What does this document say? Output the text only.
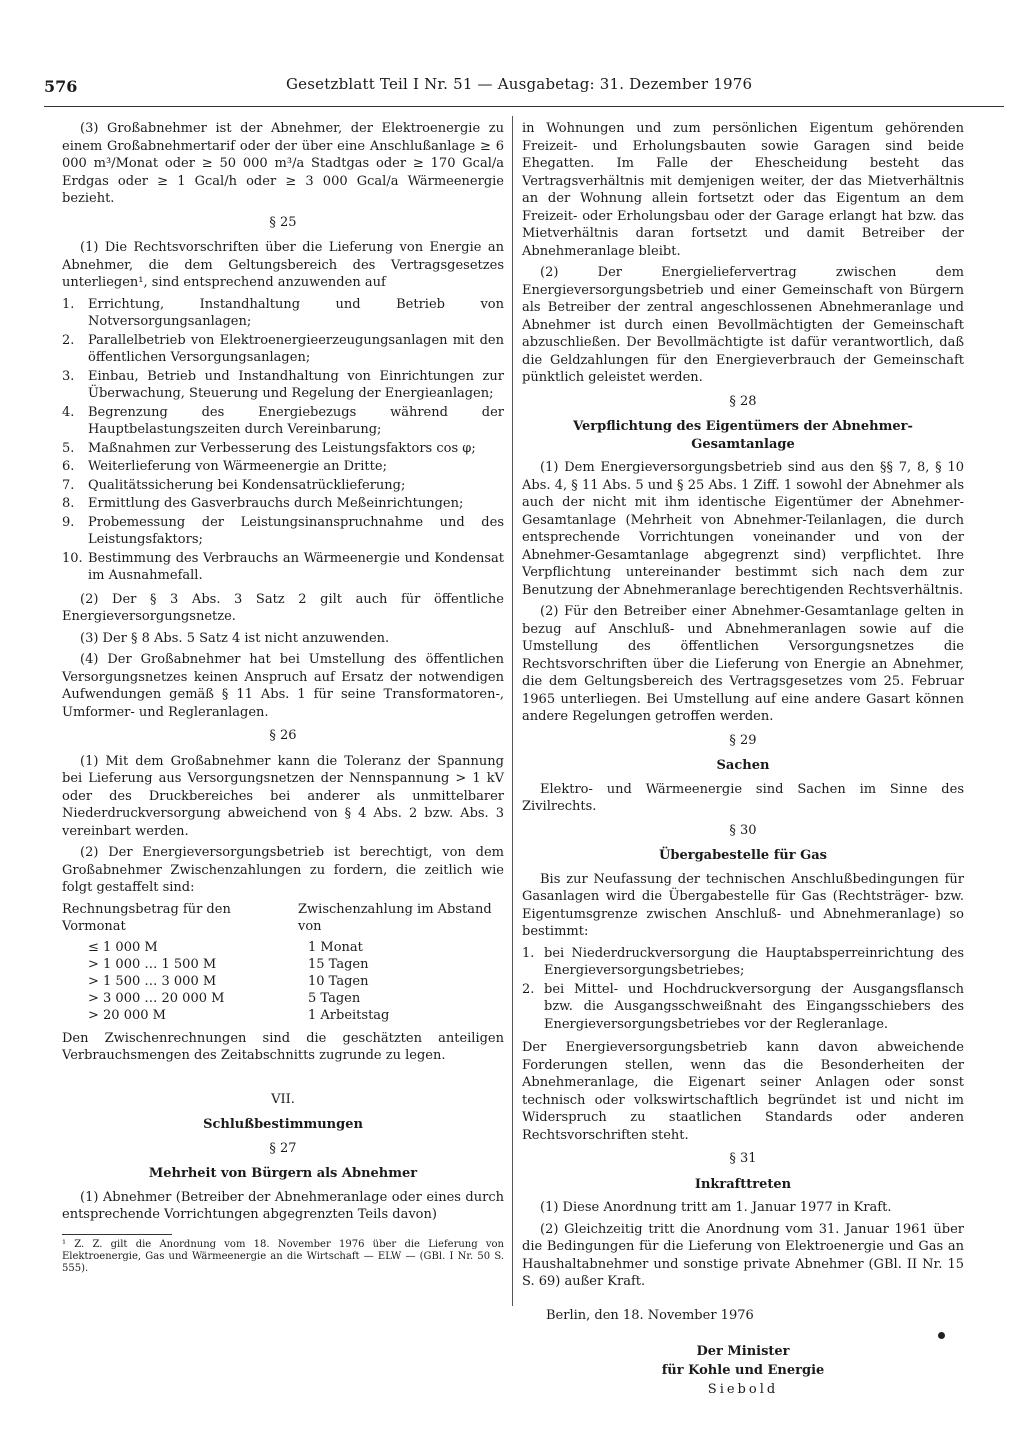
576	Gesetzblatt Teil I Nr. 51 — Ausgabetag: 31. Dezember 1976

(3) Großabnehmer ist der Abnehmer, der Elektroenergie zu einem Großabnehmertarif oder der über eine Anschlußanlage ≥ 6 000 m³/Monat oder ≥ 50 000 m³/a Stadtgas oder ≥ 170 Gcal/a Erdgas oder ≥ 1 Gcal/h oder ≥ 3 000 Gcal/a Wärmeenergie bezieht.

§ 25

(1) Die Rechtsvorschriften über die Lieferung von Energie an Abnehmer, die dem Geltungsbereich des Vertragsgesetzes unterliegen¹, sind entsprechend anzuwenden auf

1.	Errichtung, Instandhaltung und Betrieb von Notversorgungsanlagen;
2.	Parallelbetrieb von Elektroenergieerzeugungsanlagen mit den öffentlichen Versorgungsanlagen;
3.	Einbau, Betrieb und Instandhaltung von Einrichtungen zur Überwachung, Steuerung und Regelung der Energieanlagen;
4.	Begrenzung des Energiebezugs während der Hauptbelastungszeiten durch Vereinbarung;
5.	Maßnahmen zur Verbesserung des Leistungsfaktors cos φ;
6.	Weiterlieferung von Wärmeenergie an Dritte;
7.	Qualitätssicherung bei Kondensatrücklieferung;
8.	Ermittlung des Gasverbrauchs durch Meßeinrichtungen;
9.	Probemessung der Leistungsinanspruchnahme und des Leistungsfaktors;
10. Bestimmung des Verbrauchs an Wärmeenergie und Kondensat im Ausnahmefall.

(2) Der § 3 Abs. 3 Satz 2 gilt auch für öffentliche Energieversorgungsnetze.

(3) Der § 8 Abs. 5 Satz 4 ist nicht anzuwenden.

(4) Der Großabnehmer hat bei Umstellung des öffentlichen Versorgungsnetzes keinen Anspruch auf Ersatz der notwendigen Aufwendungen gemäß § 11 Abs. 1 für seine Transformatoren-, Umformer- und Regleranlagen.

§ 26

(1) Mit dem Großabnehmer kann die Toleranz der Spannung bei Lieferung aus Versorgungsnetzen der Nennspannung > 1 kV oder des Druckbereiches bei anderer als unmittelbarer Niederdruckversorgung abweichend von § 4 Abs. 2 bzw. Abs. 3 vereinbart werden.

(2) Der Energieversorgungsbetrieb ist berechtigt, von dem Großabnehmer Zwischenzahlungen zu fordern, die zeitlich wie folgt gestaffelt sind:

Rechnungsbetrag für den Vormonat	Zwischenzahlung im Abstand von
≤ 1 000 M	1 Monat
> 1 000 … 1 500 M	15 Tagen
> 1 500 … 3 000 M	10 Tagen
> 3 000 … 20 000 M	5 Tagen
> 20 000 M	1 Arbeitstag

Den Zwischenrechnungen sind die geschätzten anteiligen Verbrauchsmengen des Zeitabschnitts zugrunde zu legen.

VII.
Schlußbestimmungen
§ 27
Mehrheit von Bürgern als Abnehmer

(1) Abnehmer (Betreiber der Abnehmeranlage oder eines durch entsprechende Vorrichtungen abgegrenzten Teils davon)

¹ Z. Z. gilt die Anordnung vom 18. November 1976 über die Lieferung von Elektroenergie, Gas und Wärmeenergie an die Wirtschaft — ELW — (GBl. I Nr. 50 S. 555).

in Wohnungen und zum persönlichen Eigentum gehörenden Freizeit- und Erholungsbauten sowie Garagen sind beide Ehegatten. Im Falle der Ehescheidung besteht das Vertragsverhältnis mit demjenigen weiter, der das Mietverhältnis an der Wohnung allein fortsetzt oder das Eigentum an dem Freizeit- oder Erholungsbau oder der Garage erlangt hat bzw. das Mietverhältnis daran fortsetzt und damit Betreiber der Abnehmeranlage bleibt.

(2) Der Energieliefervertrag zwischen dem Energieversorgungsbetrieb und einer Gemeinschaft von Bürgern als Betreiber der zentral angeschlossenen Abnehmeranlage und Abnehmer ist durch einen Bevollmächtigten der Gemeinschaft abzuschließen. Der Bevollmächtigte ist dafür verantwortlich, daß die Geldzahlungen für den Energieverbrauch der Gemeinschaft pünktlich geleistet werden.

§ 28
Verpflichtung des Eigentümers der Abnehmer-Gesamtanlage

(1) Dem Energieversorgungsbetrieb sind aus den §§ 7, 8, § 10 Abs. 4, § 11 Abs. 5 und § 25 Abs. 1 Ziff. 1 sowohl der Abnehmer als auch der nicht mit ihm identische Eigentümer der Abnehmer-Gesamtanlage (Mehrheit von Abnehmer-Teilanlagen, die durch entsprechende Vorrichtungen voneinander und von der Abnehmer-Gesamtanlage abgegrenzt sind) verpflichtet. Ihre Verpflichtung untereinander bestimmt sich nach dem zur Benutzung der Abnehmeranlage berechtigenden Rechtsverhältnis.

(2) Für den Betreiber einer Abnehmer-Gesamtanlage gelten in bezug auf Anschluß- und Abnehmeranlagen sowie auf die Umstellung des öffentlichen Versorgungsnetzes die Rechtsvorschriften über die Lieferung von Energie an Abnehmer, die dem Geltungsbereich des Vertragsgesetzes vom 25. Februar 1965 unterliegen. Bei Umstellung auf eine andere Gasart können andere Regelungen getroffen werden.

§ 29
Sachen

Elektro- und Wärmeenergie sind Sachen im Sinne des Zivilrechts.

§ 30
Übergabestelle für Gas

Bis zur Neufassung der technischen Anschlußbedingungen für Gasanlagen wird die Übergabestelle für Gas (Rechtsträger- bzw. Eigentumsgrenze zwischen Anschluß- und Abnehmeranlage) so bestimmt:

1. bei Niederdruckversorgung die Hauptabsperreinrichtung des Energieversorgungsbetriebes;
2. bei Mittel- und Hochdruckversorgung der Ausgangsflansch bzw. die Ausgangsschweißnaht des Eingangsschiebers des Energieversorgungsbetriebes vor der Regleranlage.

Der Energieversorgungsbetrieb kann davon abweichende Forderungen stellen, wenn das die Besonderheiten der Abnehmeranlage, die Eigenart seiner Anlagen oder sonst technisch oder volkswirtschaftlich begründet ist und nicht im Widerspruch zu staatlichen Standards oder anderen Rechtsvorschriften steht.

§ 31
Inkrafttreten

(1) Diese Anordnung tritt am 1. Januar 1977 in Kraft.

(2) Gleichzeitig tritt die Anordnung vom 31. Januar 1961 über die Bedingungen für die Lieferung von Elektroenergie und Gas an Haushaltabnehmer und sonstige private Abnehmer (GBl. II Nr. 15 S. 69) außer Kraft.

Berlin, den 18. November 1976

Der Minister
für Kohle und Energie
Siebold
